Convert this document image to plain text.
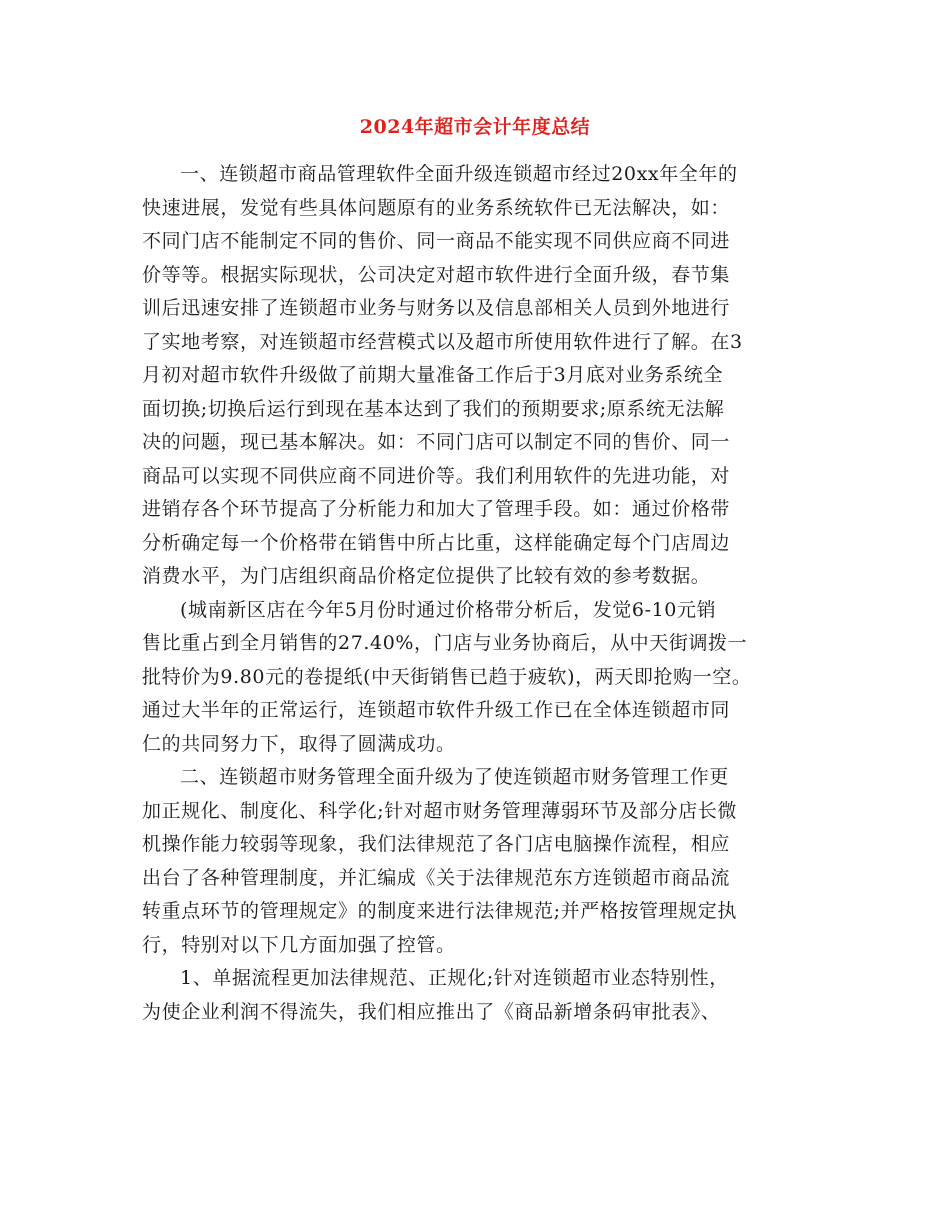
2024年超市会计年度总结
一、连锁超市商品管理软件全面升级连锁超市经过20xx年全年的
快速进展，发觉有些具体问题原有的业务系统软件已无法解决，如：
不同门店不能制定不同的售价、同一商品不能实现不同供应商不同进
价等等。根据实际现状，公司决定对超市软件进行全面升级，春节集
训后迅速安排了连锁超市业务与财务以及信息部相关人员到外地进行
了实地考察，对连锁超市经营模式以及超市所使用软件进行了解。在3
月初对超市软件升级做了前期大量准备工作后于3月底对业务系统全
面切换;切换后运行到现在基本达到了我们的预期要求;原系统无法解
决的问题，现已基本解决。如：不同门店可以制定不同的售价、同一
商品可以实现不同供应商不同进价等。我们利用软件的先进功能，对
进销存各个环节提高了分析能力和加大了管理手段。如：通过价格带
分析确定每一个价格带在销售中所占比重，这样能确定每个门店周边
消费水平，为门店组织商品价格定位提供了比较有效的参考数据。
(城南新区店在今年5月份时通过价格带分析后，发觉6-10元销
售比重占到全月销售的27.40%，门店与业务协商后，从中天街调拨一
批特价为9.80元的卷提纸(中天街销售已趋于疲软)，两天即抢购一空。
通过大半年的正常运行，连锁超市软件升级工作已在全体连锁超市同
仁的共同努力下，取得了圆满成功。
二、连锁超市财务管理全面升级为了使连锁超市财务管理工作更
加正规化、制度化、科学化;针对超市财务管理薄弱环节及部分店长微
机操作能力较弱等现象，我们法律规范了各门店电脑操作流程，相应
出台了各种管理制度，并汇编成《关于法律规范东方连锁超市商品流
转重点环节的管理规定》的制度来进行法律规范;并严格按管理规定执
行，特别对以下几方面加强了控管。
1、单据流程更加法律规范、正规化;针对连锁超市业态特别性，
为使企业利润不得流失，我们相应推出了《商品新增条码审批表》、
